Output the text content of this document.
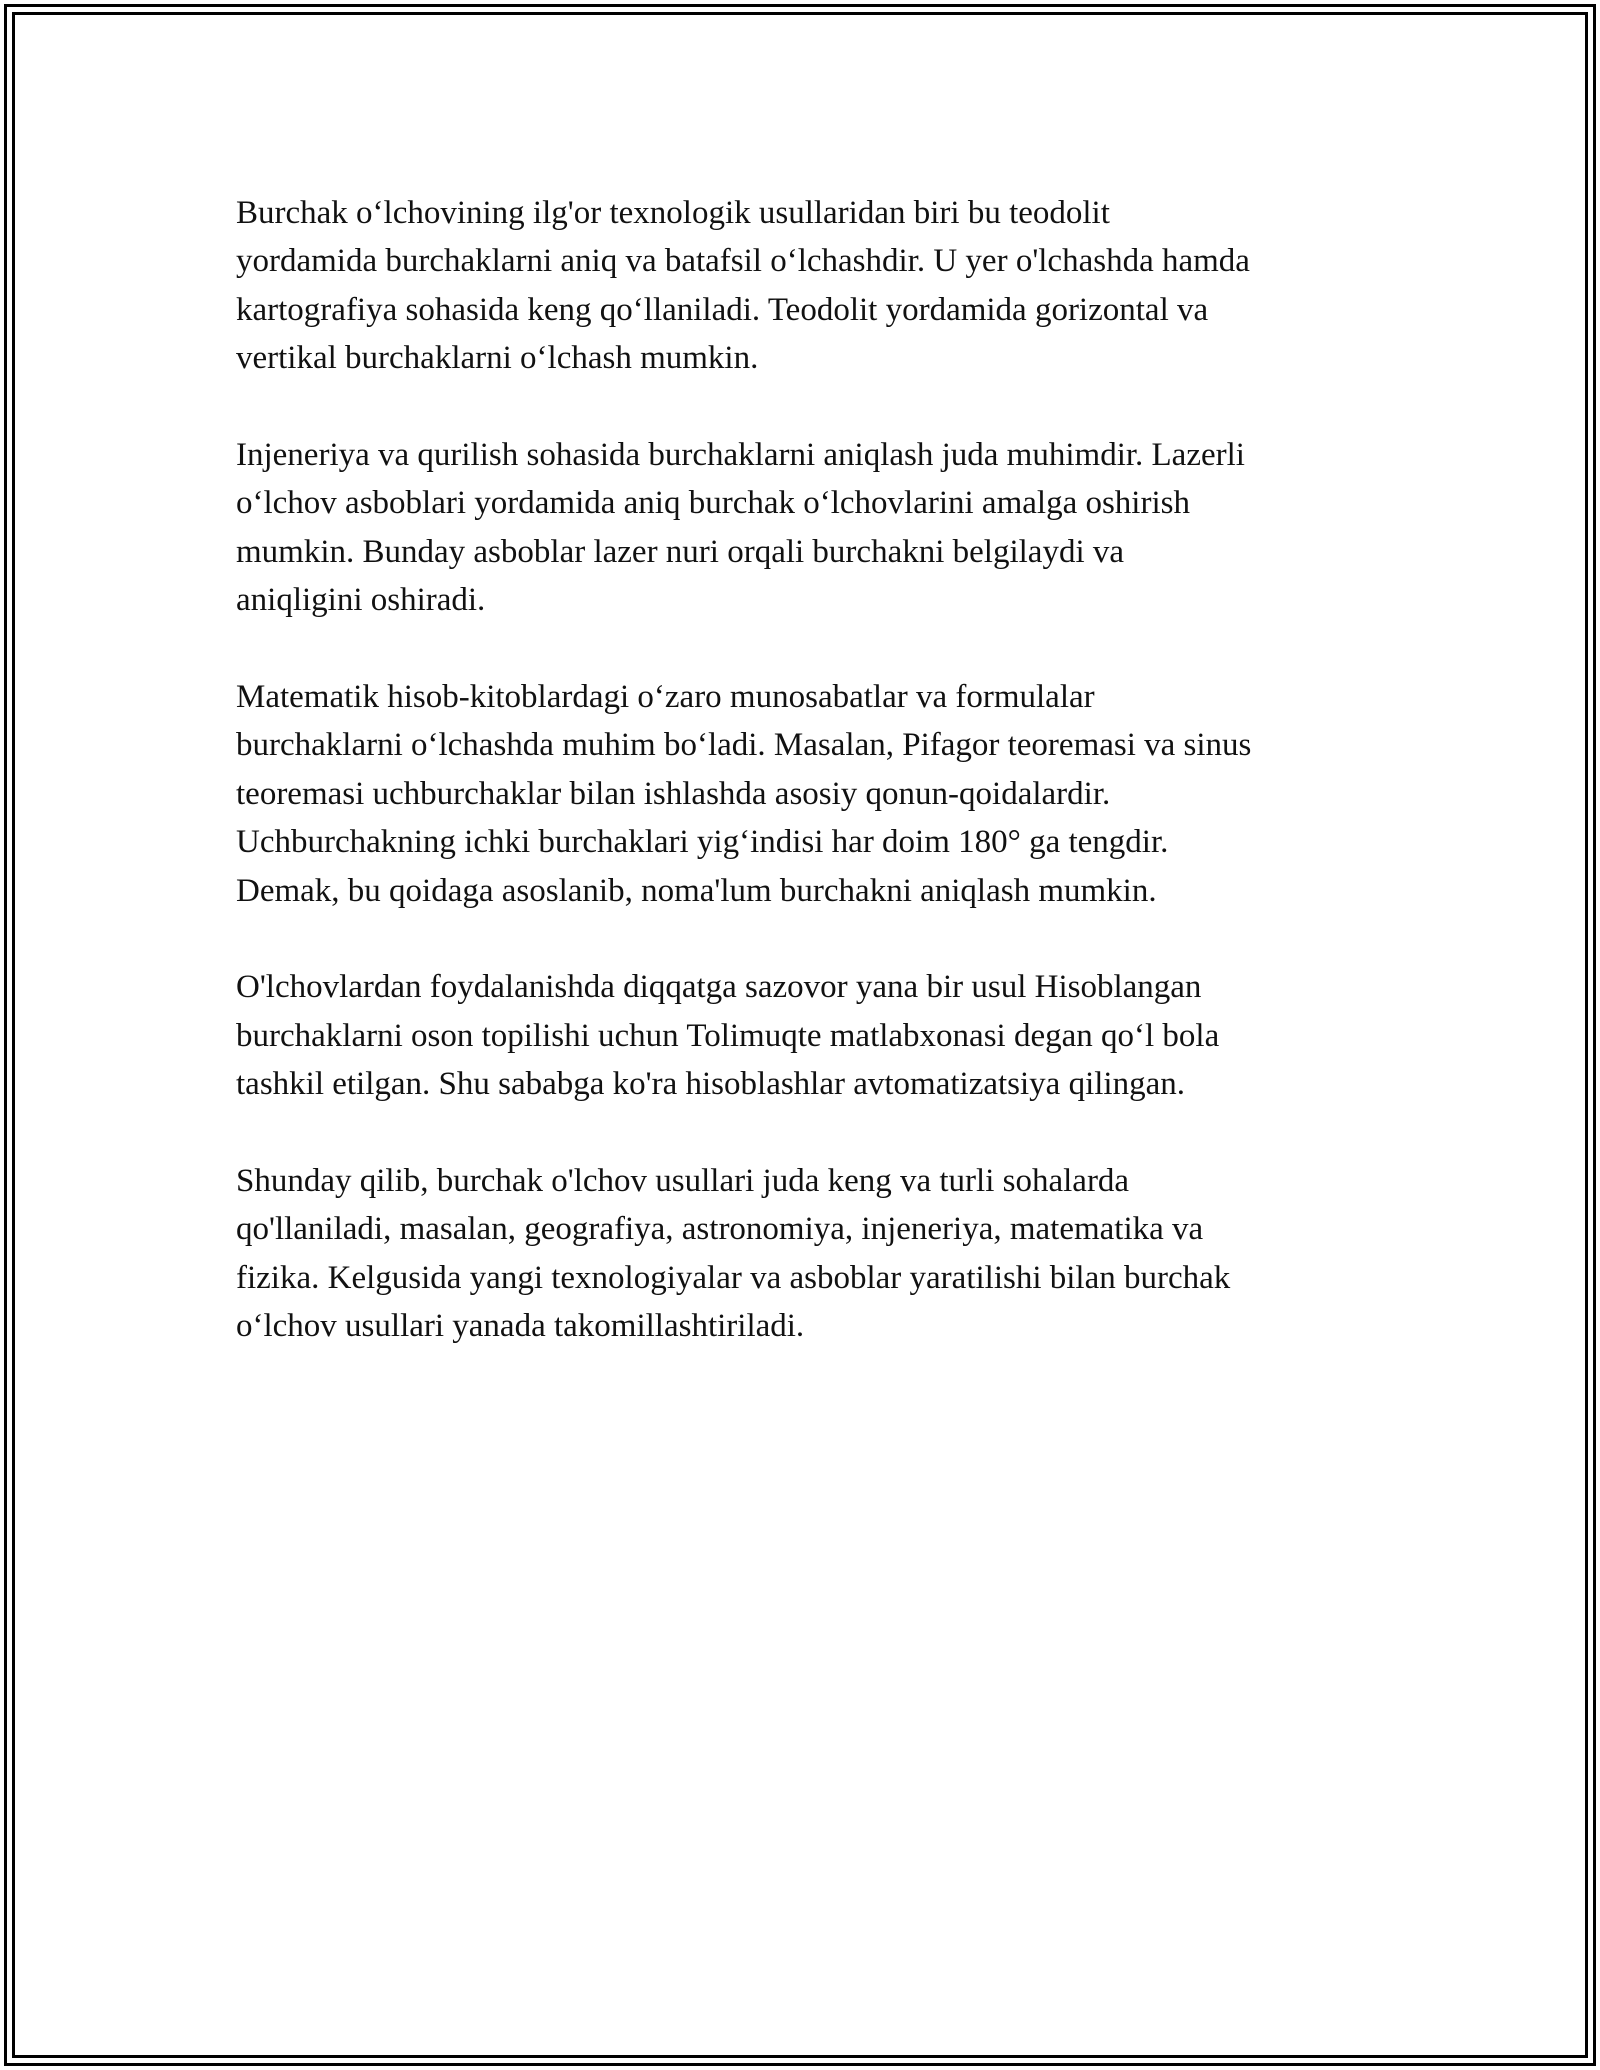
Burchak o‘lchovining ilg'or texnologik usullaridan biri bu teodolit
yordamida burchaklarni aniq va batafsil o‘lchashdir. U yer o'lchashda hamda
kartografiya sohasida keng qo‘llaniladi. Teodolit yordamida gorizontal va
vertikal burchaklarni o‘lchash mumkin.

Injeneriya va qurilish sohasida burchaklarni aniqlash juda muhimdir. Lazerli
o‘lchov asboblari yordamida aniq burchak o‘lchovlarini amalga oshirish
mumkin. Bunday asboblar lazer nuri orqali burchakni belgilaydi va
aniqligini oshiradi.

Matematik hisob-kitoblardagi o‘zaro munosabatlar va formulalar
burchaklarni o‘lchashda muhim bo‘ladi. Masalan, Pifagor teoremasi va sinus
teoremasi uchburchaklar bilan ishlashda asosiy qonun-qoidalardir.
Uchburchakning ichki burchaklari yig‘indisi har doim 180° ga tengdir.
Demak, bu qoidaga asoslanib, noma'lum burchakni aniqlash mumkin.

O'lchovlardan foydalanishda diqqatga sazovor yana bir usul Hisoblangan
burchaklarni oson topilishi uchun Tolimuqte matlabxonasi degan qo‘l bola
tashkil etilgan. Shu sababga ko'ra hisoblashlar avtomatizatsiya qilingan.

Shunday qilib, burchak o'lchov usullari juda keng va turli sohalarda
qo'llaniladi, masalan, geografiya, astronomiya, injeneriya, matematika va
fizika. Kelgusida yangi texnologiyalar va asboblar yaratilishi bilan burchak
o‘lchov usullari yanada takomillashtiriladi.
